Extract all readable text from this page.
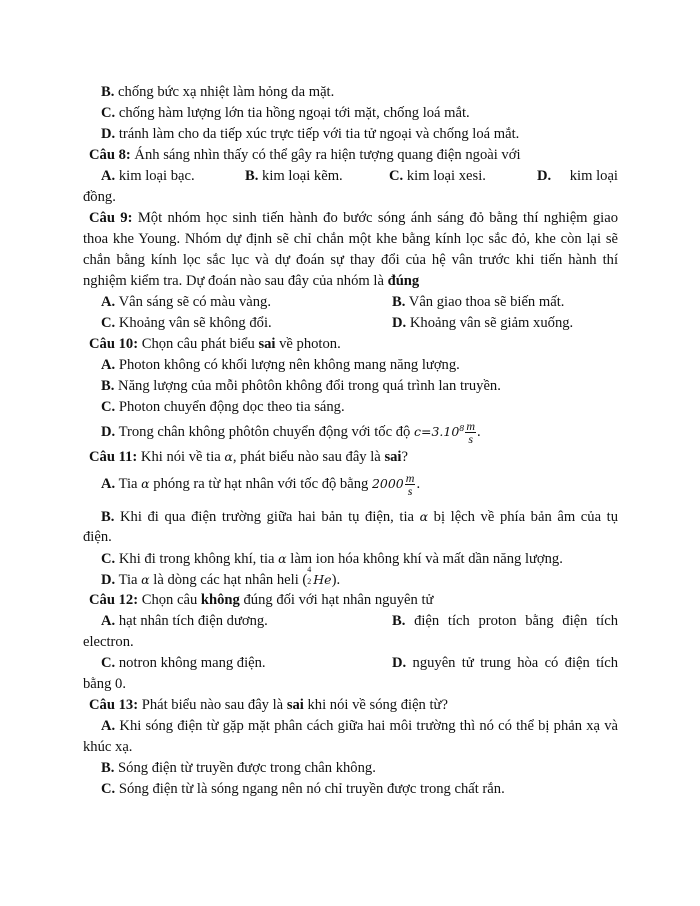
B. chống bức xạ nhiệt làm hỏng da mặt.
C. chống hàm lượng lớn tia hồng ngoại tới mặt, chống loá mắt.
D. tránh làm cho da tiếp xúc trực tiếp với tia tử ngoại và chống loá mắt.
Câu 8: Ánh sáng nhìn thấy có thể gây ra hiện tượng quang điện ngoài với
A. kim loại bạc.	B. kim loại kẽm.	C. kim loại xesi.	D. kim loại
đồng.
Câu 9: Một nhóm học sinh tiến hành đo bước sóng ánh sáng đỏ bằng thí nghiệm giao
thoa khe Young. Nhóm dự định sẽ chỉ chắn một khe bằng kính lọc sắc đỏ, khe còn lại sẽ
chắn bằng kính lọc sắc lục và dự đoán sự thay đổi của hệ vân trước khi tiến hành thí
nghiệm kiểm tra. Dự đoán nào sau đây của nhóm là đúng
A. Vân sáng sẽ có màu vàng.	B. Vân giao thoa sẽ biến mất.
C. Khoảng vân sẽ không đổi.	D. Khoảng vân sẽ giảm xuống.
Câu 10: Chọn câu phát biểu sai về photon.
A. Photon không có khối lượng nên không mang năng lượng.
B. Năng lượng của mỗi phôtôn không đổi trong quá trình lan truyền.
C. Photon chuyển động dọc theo tia sáng.
D. Trong chân không phôtôn chuyển động với tốc độ $c=3.10^8 \frac{m}{s}$ .
Câu 11: Khi nói về tia α, phát biểu nào sau đây là sai?
A. Tia α phóng ra từ hạt nhân với tốc độ bằng $2000 \frac{m}{s}$ .
B. Khi đi qua điện trường giữa hai bản tụ điện, tia α bị lệch về phía bản âm của tụ
điện.
C. Khi đi trong không khí, tia α làm ion hóa không khí và mất dần năng lượng.
D. Tia α là dòng các hạt nhân heli (
4
2 He).
Câu 12: Chọn câu không đúng đối với hạt nhân nguyên tử
A. hạt nhân tích điện dương.	B. điện tích proton bằng điện tích
electron.
C. notron không mang điện.	D. nguyên tử trung hòa có điện tích
bằng 0.
Câu 13: Phát biểu nào sau đây là sai khi nói về sóng điện từ?
A. Khi sóng điện từ gặp mặt phân cách giữa hai môi trường thì nó có thể bị phản xạ và
khúc xạ.
B. Sóng điện từ truyền được trong chân không.
C. Sóng điện từ là sóng ngang nên nó chỉ truyền được trong chất rắn.
